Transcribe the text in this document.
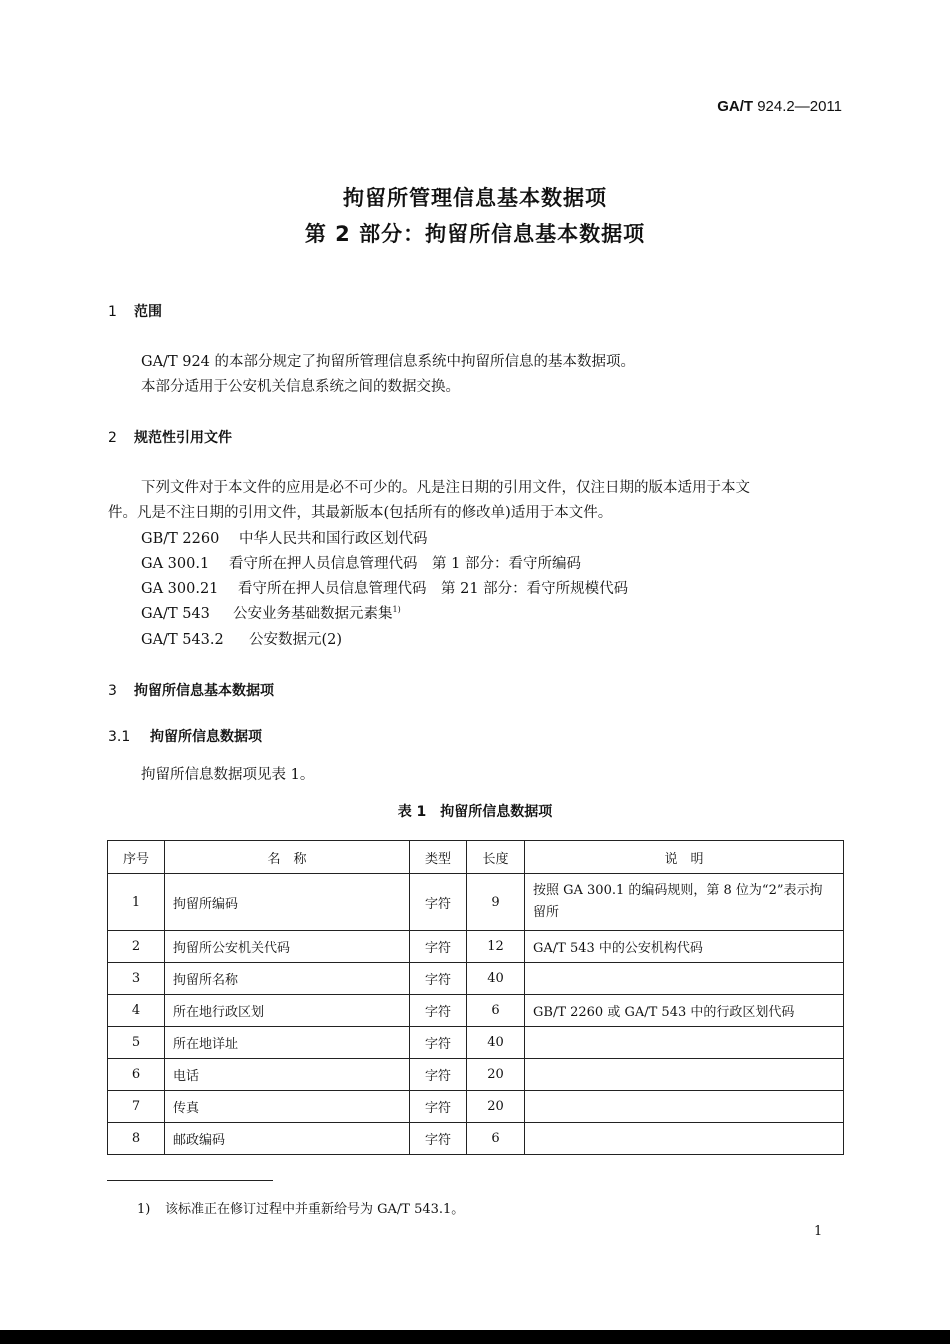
GA/T 924.2—2011
拘留所管理信息基本数据项
第 2 部分：拘留所信息基本数据项
1 范围
GA/T 924 的本部分规定了拘留所管理信息系统中拘留所信息的基本数据项。
本部分适用于公安机关信息系统之间的数据交换。
2 规范性引用文件
下列文件对于本文件的应用是必不可少的。凡是注日期的引用文件，仅注日期的版本适用于本文
件。凡是不注日期的引用文件，其最新版本(包括所有的修改单)适用于本文件。
GB/T 2260 中华人民共和国行政区划代码
GA 300.1 看守所在押人员信息管理代码　第 1 部分：看守所编码
GA 300.21 看守所在押人员信息管理代码　第 21 部分：看守所规模代码
GA/T 543 公安业务基础数据元素集$^{1)}$
GA/T 543.2 公安数据元(2)
3 拘留所信息基本数据项
3.1 拘留所信息数据项
拘留所信息数据项见表 1。
表 1　拘留所信息数据项
序号	名　称	类型	长度	说　明
1	拘留所编码	字符	9	按照 GA 300.1 的编码规则，第 8 位为“2”表示拘留所
2	拘留所公安机关代码	字符	12	GA/T 543 中的公安机构代码
3	拘留所名称	字符	40	
4	所在地行政区划	字符	6	GB/T 2260 或 GA/T 543 中的行政区划代码
5	所在地详址	字符	40	
6	电话	字符	20	
7	传真	字符	20	
8	邮政编码	字符	6	
1) 该标准正在修订过程中并重新给号为 GA/T 543.1。
1
